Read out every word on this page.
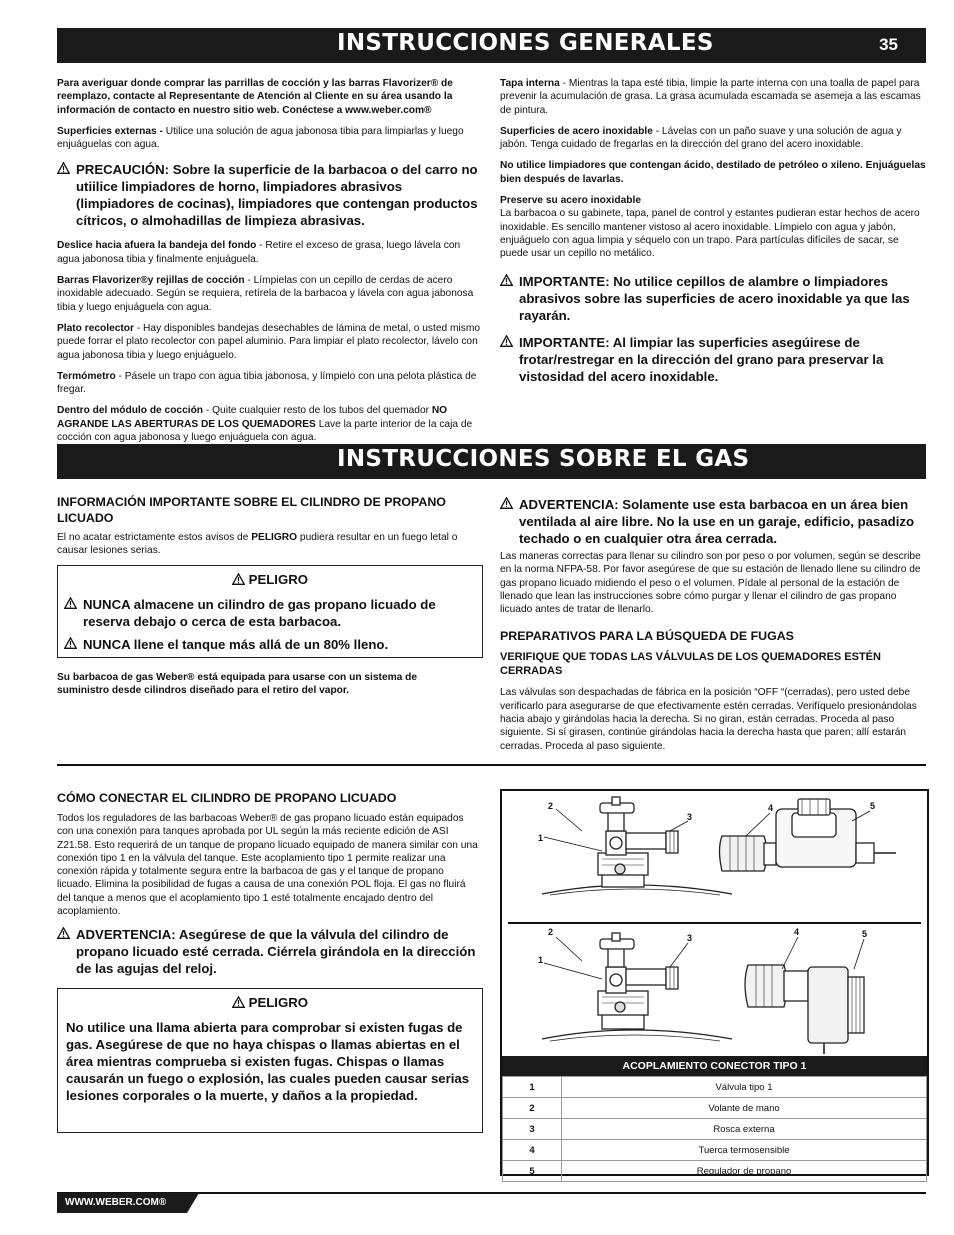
INSTRUCCIONES GENERALES	35

Para averiguar donde comprar las parrillas de cocción y las barras Flavorizer® de reemplazo, contacte al Representante de Atención al Cliente en su área usando la información de contacto en nuestro sitio web. Conéctese a www.weber.com®

Superficies externas - Utilice una solución de agua jabonosa tibia para limpiarlas y luego enjuáguelas con agua.

PRECAUCIÓN: Sobre la superficie de la barbacoa o del carro no utiilice limpiadores de horno, limpiadores abrasivos (limpiadores de cocinas), limpiadores que contengan productos cítricos, o almohadillas de limpieza abrasivas.

Deslice hacia afuera la bandeja del fondo - Retire el exceso de grasa, luego lávela con agua jabonosa tibia y finalmente enjuáguela.

Barras Flavorizer®y rejillas de cocción - Límpielas con un cepillo de cerdas de acero inoxidable adecuado. Según se requiera, retírela de la barbacoa y lávela con agua jabonosa tibia y luego enjuáguela con agua.

Plato recolector - Hay disponibles bandejas desechables de lámina de metal, o usted mismo puede forrar el plato recolector con papel aluminio. Para limpiar el plato recolector, lávelo con agua jabonosa tibia y luego enjuáguelo.

Termómetro - Pásele un trapo con agua tibia jabonosa, y límpielo con una pelota plástica de fregar.

Dentro del módulo de cocción - Quite cualquier resto de los tubos del quemador NO AGRANDE LAS ABERTURAS DE LOS QUEMADORES Lave la parte interior de la caja de cocción con agua jabonosa y luego enjuáguela con agua.

Tapa interna - Mientras la tapa esté tibia, limpie la parte interna con una toalla de papel para prevenir la acumulación de grasa. La grasa acumulada escamada se asemeja a las escamas de pintura.

Superficies de acero inoxidable - Lávelas con un paño suave y una solución de agua y jabón. Tenga cuidado de fregarlas en la dirección del grano del acero inoxidable.

No utilice limpiadores que contengan ácido, destilado de petróleo o xileno. Enjuáguelas bien después de lavarlas.

Preserve su acero inoxidable

La barbacoa o su gabinete, tapa, panel de control y estantes pudieran estar hechos de acero inoxidable. Es sencillo mantener vistoso al acero inoxidable. Límpielo con agua y jabón, enjuáguelo con agua limpia y séquelo con un trapo. Para partículas difíciles de sacar, se puede usar un cepillo no metálico.

IMPORTANTE: No utilice cepillos de alambre o limpiadores abrasivos sobre las superficies de acero inoxidable ya que las rayarán.
IMPORTANTE: Al limpiar las superficies asegúirese de frotar/restregar en la dirección del grano para preservar la vistosidad del acero inoxidable.
INSTRUCCIONES SOBRE EL GAS
INFORMACIÓN IMPORTANTE SOBRE EL CILINDRO DE PROPANO LICUADO

El no acatar estrictamente estos avisos de PELIGRO pudiera resultar en un fuego letal o causar lesiones serias.

PELIGRO
NUNCA almacene un cilindro de gas propano licuado de reserva debajo o cerca de esta barbacoa.
NUNCA llene el tanque más allá de un 80% lleno.

Su barbacoa de gas Weber® está equipada para usarse con un sistema de suministro desde cilindros diseñado para el retiro del vapor.

ADVERTENCIA: Solamente use esta barbacoa en un área bien ventilada al aire libre. No la use en un garaje, edificio, pasadizo techado o en cualquier otra área cerrada.

Las maneras correctas para llenar su cilindro son por peso o por volumen, según se describe en la norma NFPA-58. Por favor asegúrese de que su estación de llenado llene su cilindro de gas propano licuado midiendo el peso o el volumen. Pídale al personal de la estación de llenado que lean las instrucciones sobre cómo purgar y llenar el cilindro de gas propano licuado antes de tratar de llenarlo.

PREPARATIVOS PARA LA BÚSQUEDA DE FUGAS
VERIFIQUE QUE TODAS LAS VÁLVULAS DE LOS QUEMADORES ESTÉN CERRADAS

Las válvulas son despachadas de fábrica en la posición “OFF “(cerradas), pero usted debe verificarlo para asegurarse de que efectivamente estén cerradas. Verifíquelo presionándolas hacia abajo y girándolas hacia la derecha. Si no giran, están cerradas. Proceda al paso siguiente. Si sí girasen, continúe girándolas hacia la derecha hasta que paren; allí estarán cerradas. Proceda al paso siguiente.

CÓMO CONECTAR EL CILINDRO DE PROPANO LICUADO

Todos los reguladores de las barbacoas Weber® de gas propano licuado están equipados con una conexión para tanques aprobada por UL según la más reciente edición de ASI Z21.58. Esto requerirá de un tanque de propano licuado equipado de manera similar con una conexión tipo 1 en la válvula del tanque. Este acoplamiento tipo 1 permite realizar una conexión rápida y totalmente segura entre la barbacoa de gas y el tanque de propano licuado. Elimina la posibilidad de fugas a causa de una conexión POL floja. El gas no fluirá del tanque a menos que el acoplamiento tipo 1 esté totalmente encajado dentro del acoplamiento.

ADVERTENCIA: Asegúrese de que la válvula del cilindro de propano licuado esté cerrada. Ciérrela girándola en la dirección de las agujas del reloj.
PELIGRO
No utilice una llama abierta para comprobar si existen fugas de gas. Asegúrese de que no haya chispas o llamas abiertas en el área mientras comprueba si existen fugas. Chispas o llamas causarán un fuego o explosión, las cuales pueden causar serias lesiones corporales o la muerte, y daños a la propiedad.
1
2
3
4	5
1
2
3
4	5
ACOPLAMIENTO CONECTOR TIPO 1
1	Válvula tipo 1
2	Volante de mano
3	Rosca externa
4	Tuerca termosensible
5	Regulador de propano
WWW.WEBER.COM®
